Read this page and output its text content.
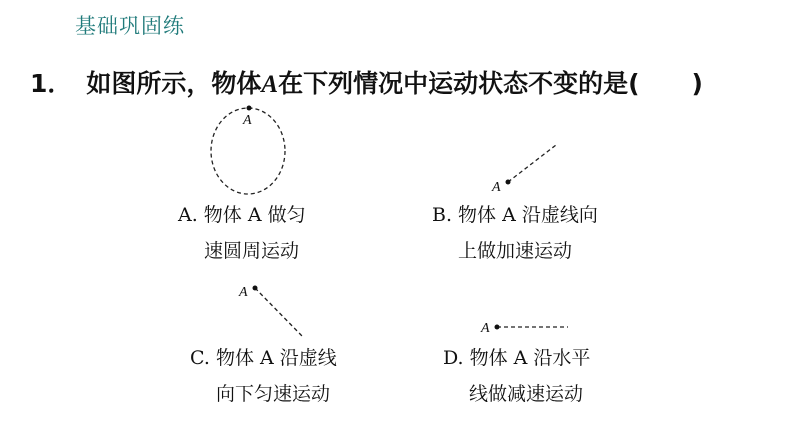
基础巩固练
1． 如图所示，物体A在下列情况中运动状态不变的是( )
A
A
A
A
A. 物体 A 做匀
速圆周运动
B. 物体 A 沿虚线向
上做加速运动
C. 物体 A 沿虚线
向下匀速运动
D. 物体 A 沿水平
线做减速运动
